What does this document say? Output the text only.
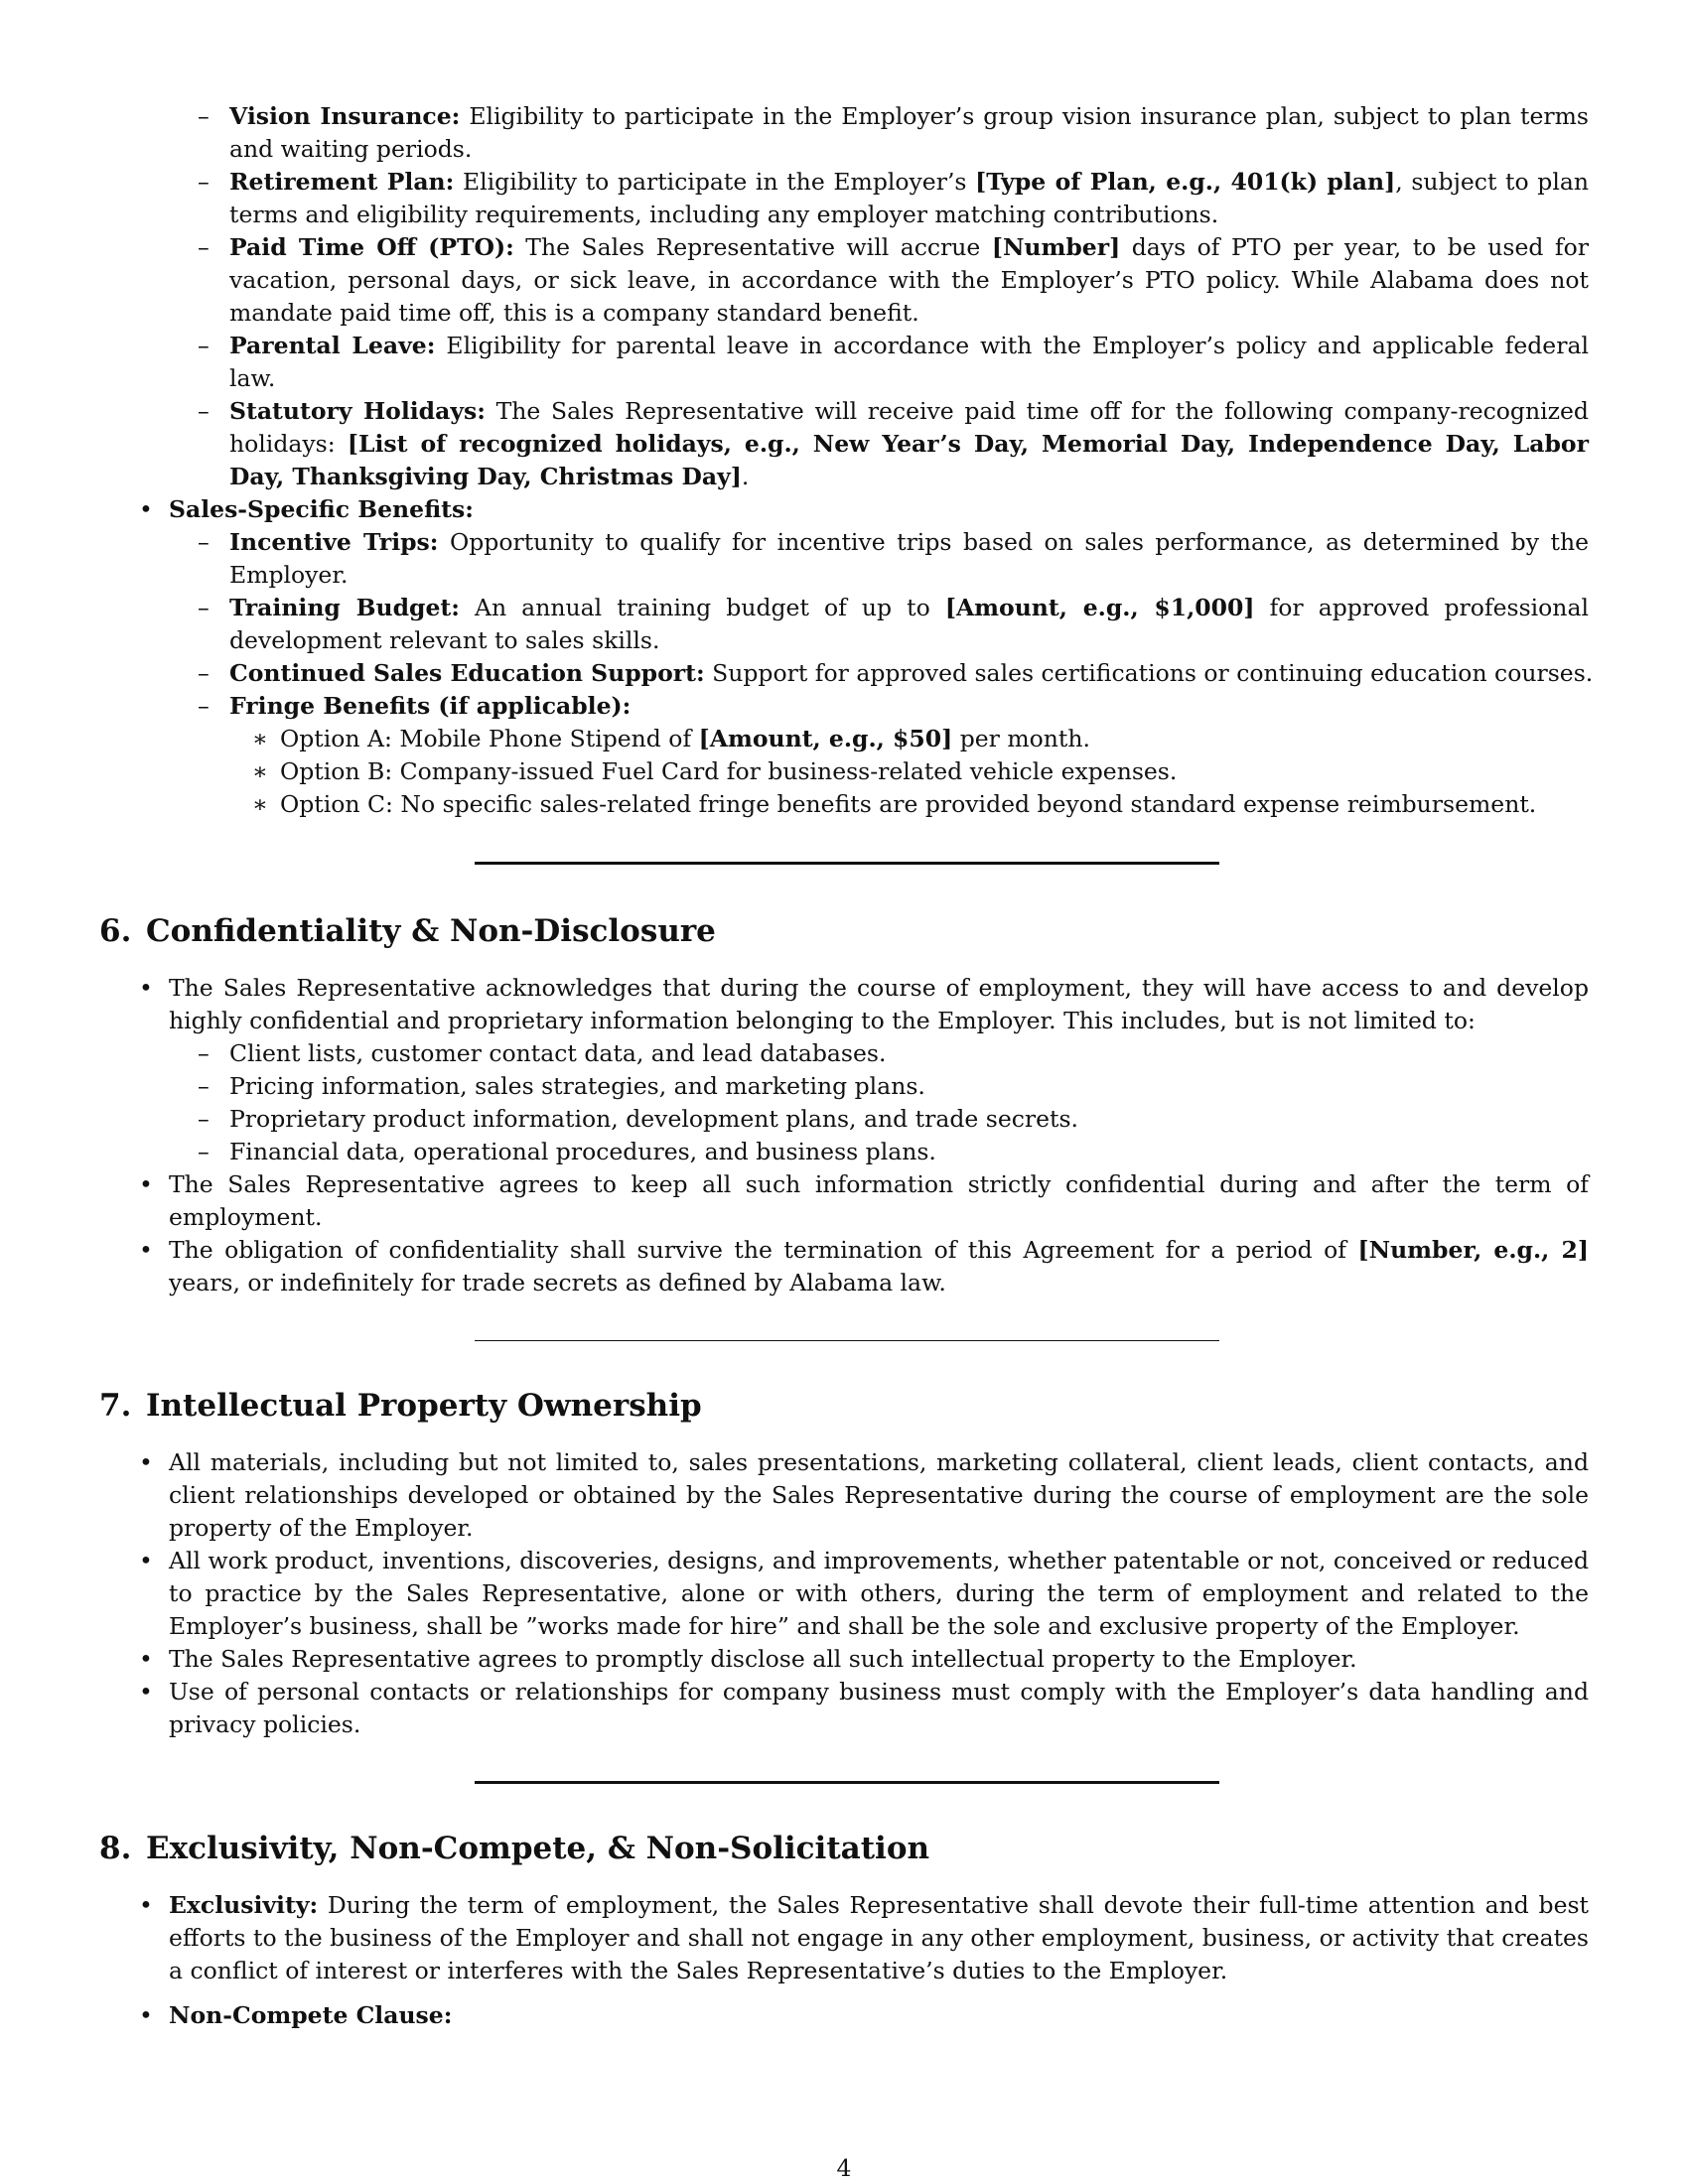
– Vision Insurance: Eligibility to participate in the Employer’s group vision insurance plan, subject to plan terms and waiting periods.
– Retirement Plan: Eligibility to participate in the Employer’s [Type of Plan, e.g., 401(k) plan], subject to plan terms and eligibility requirements, including any employer matching contributions.
– Paid Time Off (PTO): The Sales Representative will accrue [Number] days of PTO per year, to be used for vacation, personal days, or sick leave, in accordance with the Employer’s PTO policy. While Alabama does not mandate paid time off, this is a company standard benefit.
– Parental Leave: Eligibility for parental leave in accordance with the Employer’s policy and applicable federal law.
– Statutory Holidays: The Sales Representative will receive paid time off for the following company-recognized holidays: [List of recognized holidays, e.g., New Year’s Day, Memorial Day, Independence Day, Labor Day, Thanksgiving Day, Christmas Day].
• Sales-Specific Benefits:
– Incentive Trips: Opportunity to qualify for incentive trips based on sales performance, as determined by the Employer.
– Training Budget: An annual training budget of up to [Amount, e.g., $1,000] for approved professional development relevant to sales skills.
– Continued Sales Education Support: Support for approved sales certifications or continuing education courses.
– Fringe Benefits (if applicable):
∗ Option A: Mobile Phone Stipend of [Amount, e.g., $50] per month.
∗ Option B: Company-issued Fuel Card for business-related vehicle expenses.
∗ Option C: No specific sales-related fringe benefits are provided beyond standard expense reimbursement.
6. Confidentiality & Non-Disclosure
• The Sales Representative acknowledges that during the course of employment, they will have access to and develop highly confidential and proprietary information belonging to the Employer. This includes, but is not limited to:
– Client lists, customer contact data, and lead databases.
– Pricing information, sales strategies, and marketing plans.
– Proprietary product information, development plans, and trade secrets.
– Financial data, operational procedures, and business plans.
• The Sales Representative agrees to keep all such information strictly confidential during and after the term of employment.
• The obligation of confidentiality shall survive the termination of this Agreement for a period of [Number, e.g., 2] years, or indefinitely for trade secrets as defined by Alabama law.
7. Intellectual Property Ownership
• All materials, including but not limited to, sales presentations, marketing collateral, client leads, client contacts, and client relationships developed or obtained by the Sales Representative during the course of employment are the sole property of the Employer.
• All work product, inventions, discoveries, designs, and improvements, whether patentable or not, conceived or reduced to practice by the Sales Representative, alone or with others, during the term of employment and related to the Employer’s business, shall be ”works made for hire” and shall be the sole and exclusive property of the Employer.
• The Sales Representative agrees to promptly disclose all such intellectual property to the Employer.
• Use of personal contacts or relationships for company business must comply with the Employer’s data handling and privacy policies.
8. Exclusivity, Non-Compete, & Non-Solicitation
• Exclusivity: During the term of employment, the Sales Representative shall devote their full-time attention and best efforts to the business of the Employer and shall not engage in any other employment, business, or activity that creates a conflict of interest or interferes with the Sales Representative’s duties to the Employer.
• Non-Compete Clause:
4
